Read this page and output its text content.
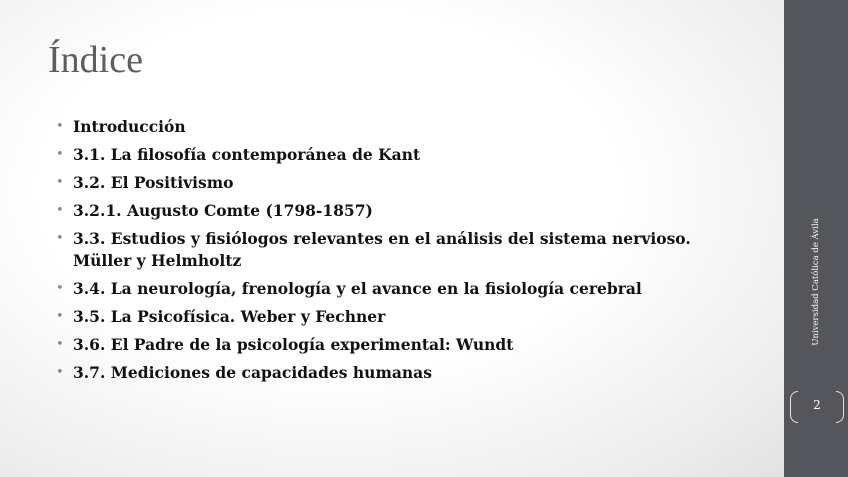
Índice
• Introducción
• 3.1. La filosofía contemporánea de Kant
• 3.2. El Positivismo
• 3.2.1. Augusto Comte (1798-1857)
• 3.3. Estudios y fisiólogos relevantes en el análisis del sistema nervioso. Müller y Helmholtz
• 3.4. La neurología, frenología y el avance en la fisiología cerebral
• 3.5. La Psicofísica. Weber y Fechner
• 3.6. El Padre de la psicología experimental: Wundt
• 3.7. Mediciones de capacidades humanas
Universidad Católica de Ávila
2
